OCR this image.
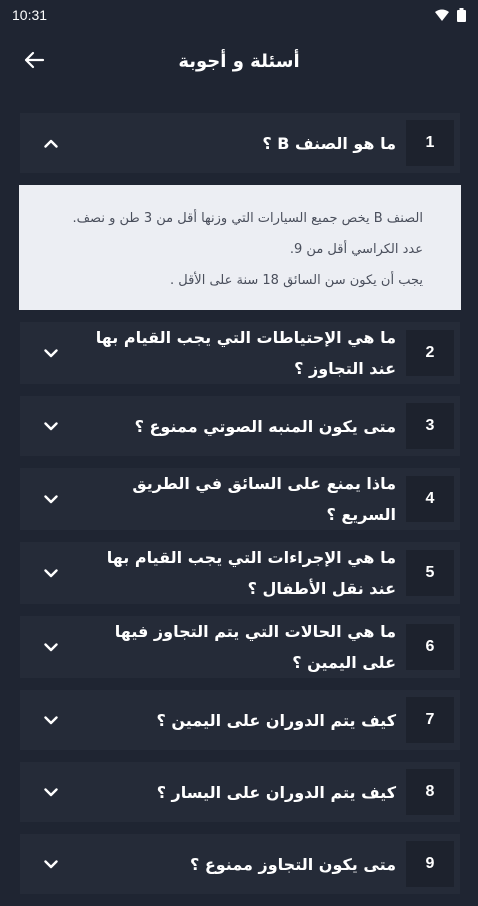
10:31
أسئلة و أجوبة
ما هو الصنف B ؟	1

الصنف B يخص جميع السيارات التي وزنها أقل من 3 طن و نصف.

عدد الكراسي أقل من 9.

يجب أن يكون سن السائق 18 سنة على الأقل .

ما هي الإحتياطات التي يجب القيام بها عند التجاوز ؟
2
متى يكون المنبه الصوتي ممنوع ؟	3
ماذا يمنع على السائق في الطريق السريع ؟
4
ما هي الإجراءات التي يجب القيام بها عند نقل الأطفال ؟
5
ما هي الحالات التي يتم التجاوز فيها على اليمين ؟
6
كيف يتم الدوران على اليمين ؟	7
كيف يتم الدوران على اليسار ؟	8
متى يكون التجاوز ممنوع ؟	9
